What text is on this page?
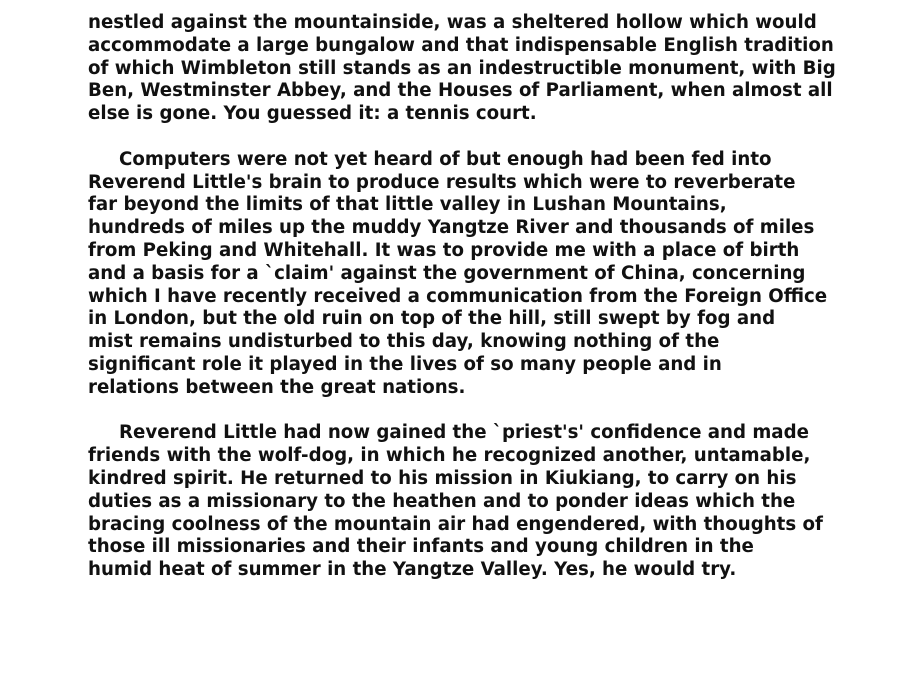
nestled against the mountainside, was a sheltered hollow which would
accommodate a large bungalow and that indispensable English tradition
of which Wimbleton still stands as an indestructible monument, with Big
Ben, Westminster Abbey, and the Houses of Parliament, when almost all
else is gone. You guessed it: a tennis court.
Computers were not yet heard of but enough had been fed into
Reverend Little's brain to produce results which were to reverberate
far beyond the limits of that little valley in Lushan Mountains,
hundreds of miles up the muddy Yangtze River and thousands of miles
from Peking and Whitehall. It was to provide me with a place of birth
and a basis for a `claim' against the government of China, concerning
which I have recently received a communication from the Foreign Office
in London, but the old ruin on top of the hill, still swept by fog and
mist remains undisturbed to this day, knowing nothing of the
significant role it played in the lives of so many people and in
relations between the great nations.
Reverend Little had now gained the `priest's' confidence and made
friends with the wolf-dog, in which he recognized another, untamable,
kindred spirit. He returned to his mission in Kiukiang, to carry on his
duties as a missionary to the heathen and to ponder ideas which the
bracing coolness of the mountain air had engendered, with thoughts of
those ill missionaries and their infants and young children in the
humid heat of summer in the Yangtze Valley. Yes, he would try.
